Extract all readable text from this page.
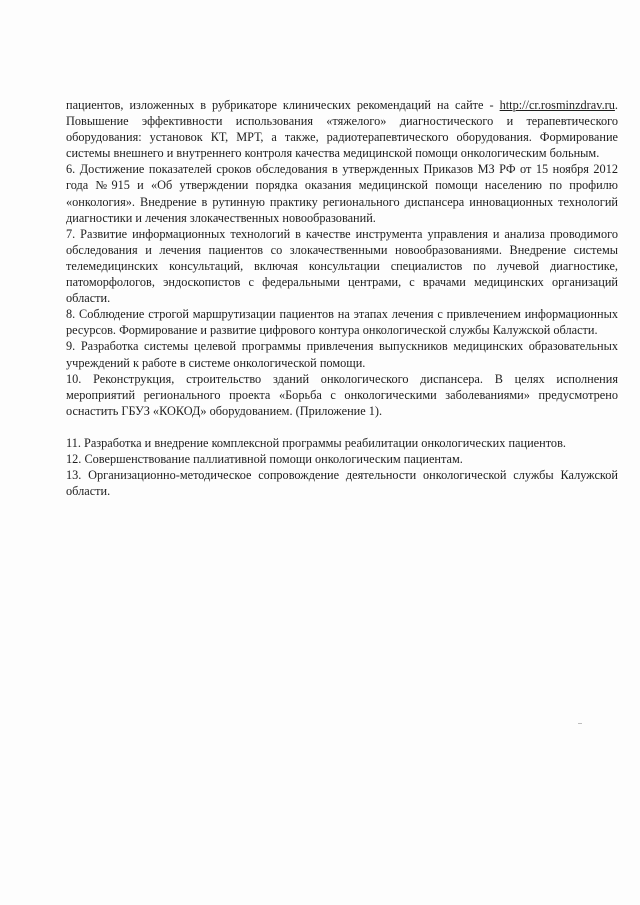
пациентов, изложенных в рубрикаторе клинических рекомендаций на сайте - http://cr.rosminzdrav.ru. Повышение эффективности использования «тяжелого» диагностического и терапевтического оборудования: установок КТ, МРТ, а также, радиотерапевтического оборудования. Формирование системы внешнего и внутреннего контроля качества медицинской помощи онкологическим больным.

6. Достижение показателей сроков обследования в утвержденных Приказов МЗ РФ от 15 ноября 2012 года №915 и «Об утверждении порядка оказания медицинской помощи населению по профилю «онкология». Внедрение в рутинную практику регионального диспансера инновационных технологий диагностики и лечения злокачественных новообразований.

7. Развитие информационных технологий в качестве инструмента управления и анализа проводимого обследования и лечения пациентов со злокачественными новообразованиями. Внедрение системы телемедицинских консультаций, включая консультации специалистов по лучевой диагностике, патоморфологов, эндоскопистов с федеральными центрами, с врачами медицинских организаций области.

8. Соблюдение строгой маршрутизации пациентов на этапах лечения с привлечением информационных ресурсов. Формирование и развитие цифрового контура онкологической службы Калужской области.

9. Разработка системы целевой программы привлечения выпускников медицинских образовательных учреждений к работе в системе онкологической помощи.

10. Реконструкция, строительство зданий онкологического диспансера. В целях исполнения мероприятий регионального проекта «Борьба с онкологическими заболеваниями» предусмотрено оснастить ГБУЗ «КОКОД» оборудованием. (Приложение 1).

11. Разработка и внедрение комплексной программы реабилитации онкологических пациентов.

12. Совершенствование паллиативной помощи онкологическим пациентам.

13. Организационно-методическое сопровождение деятельности онкологической службы Калужской области.
